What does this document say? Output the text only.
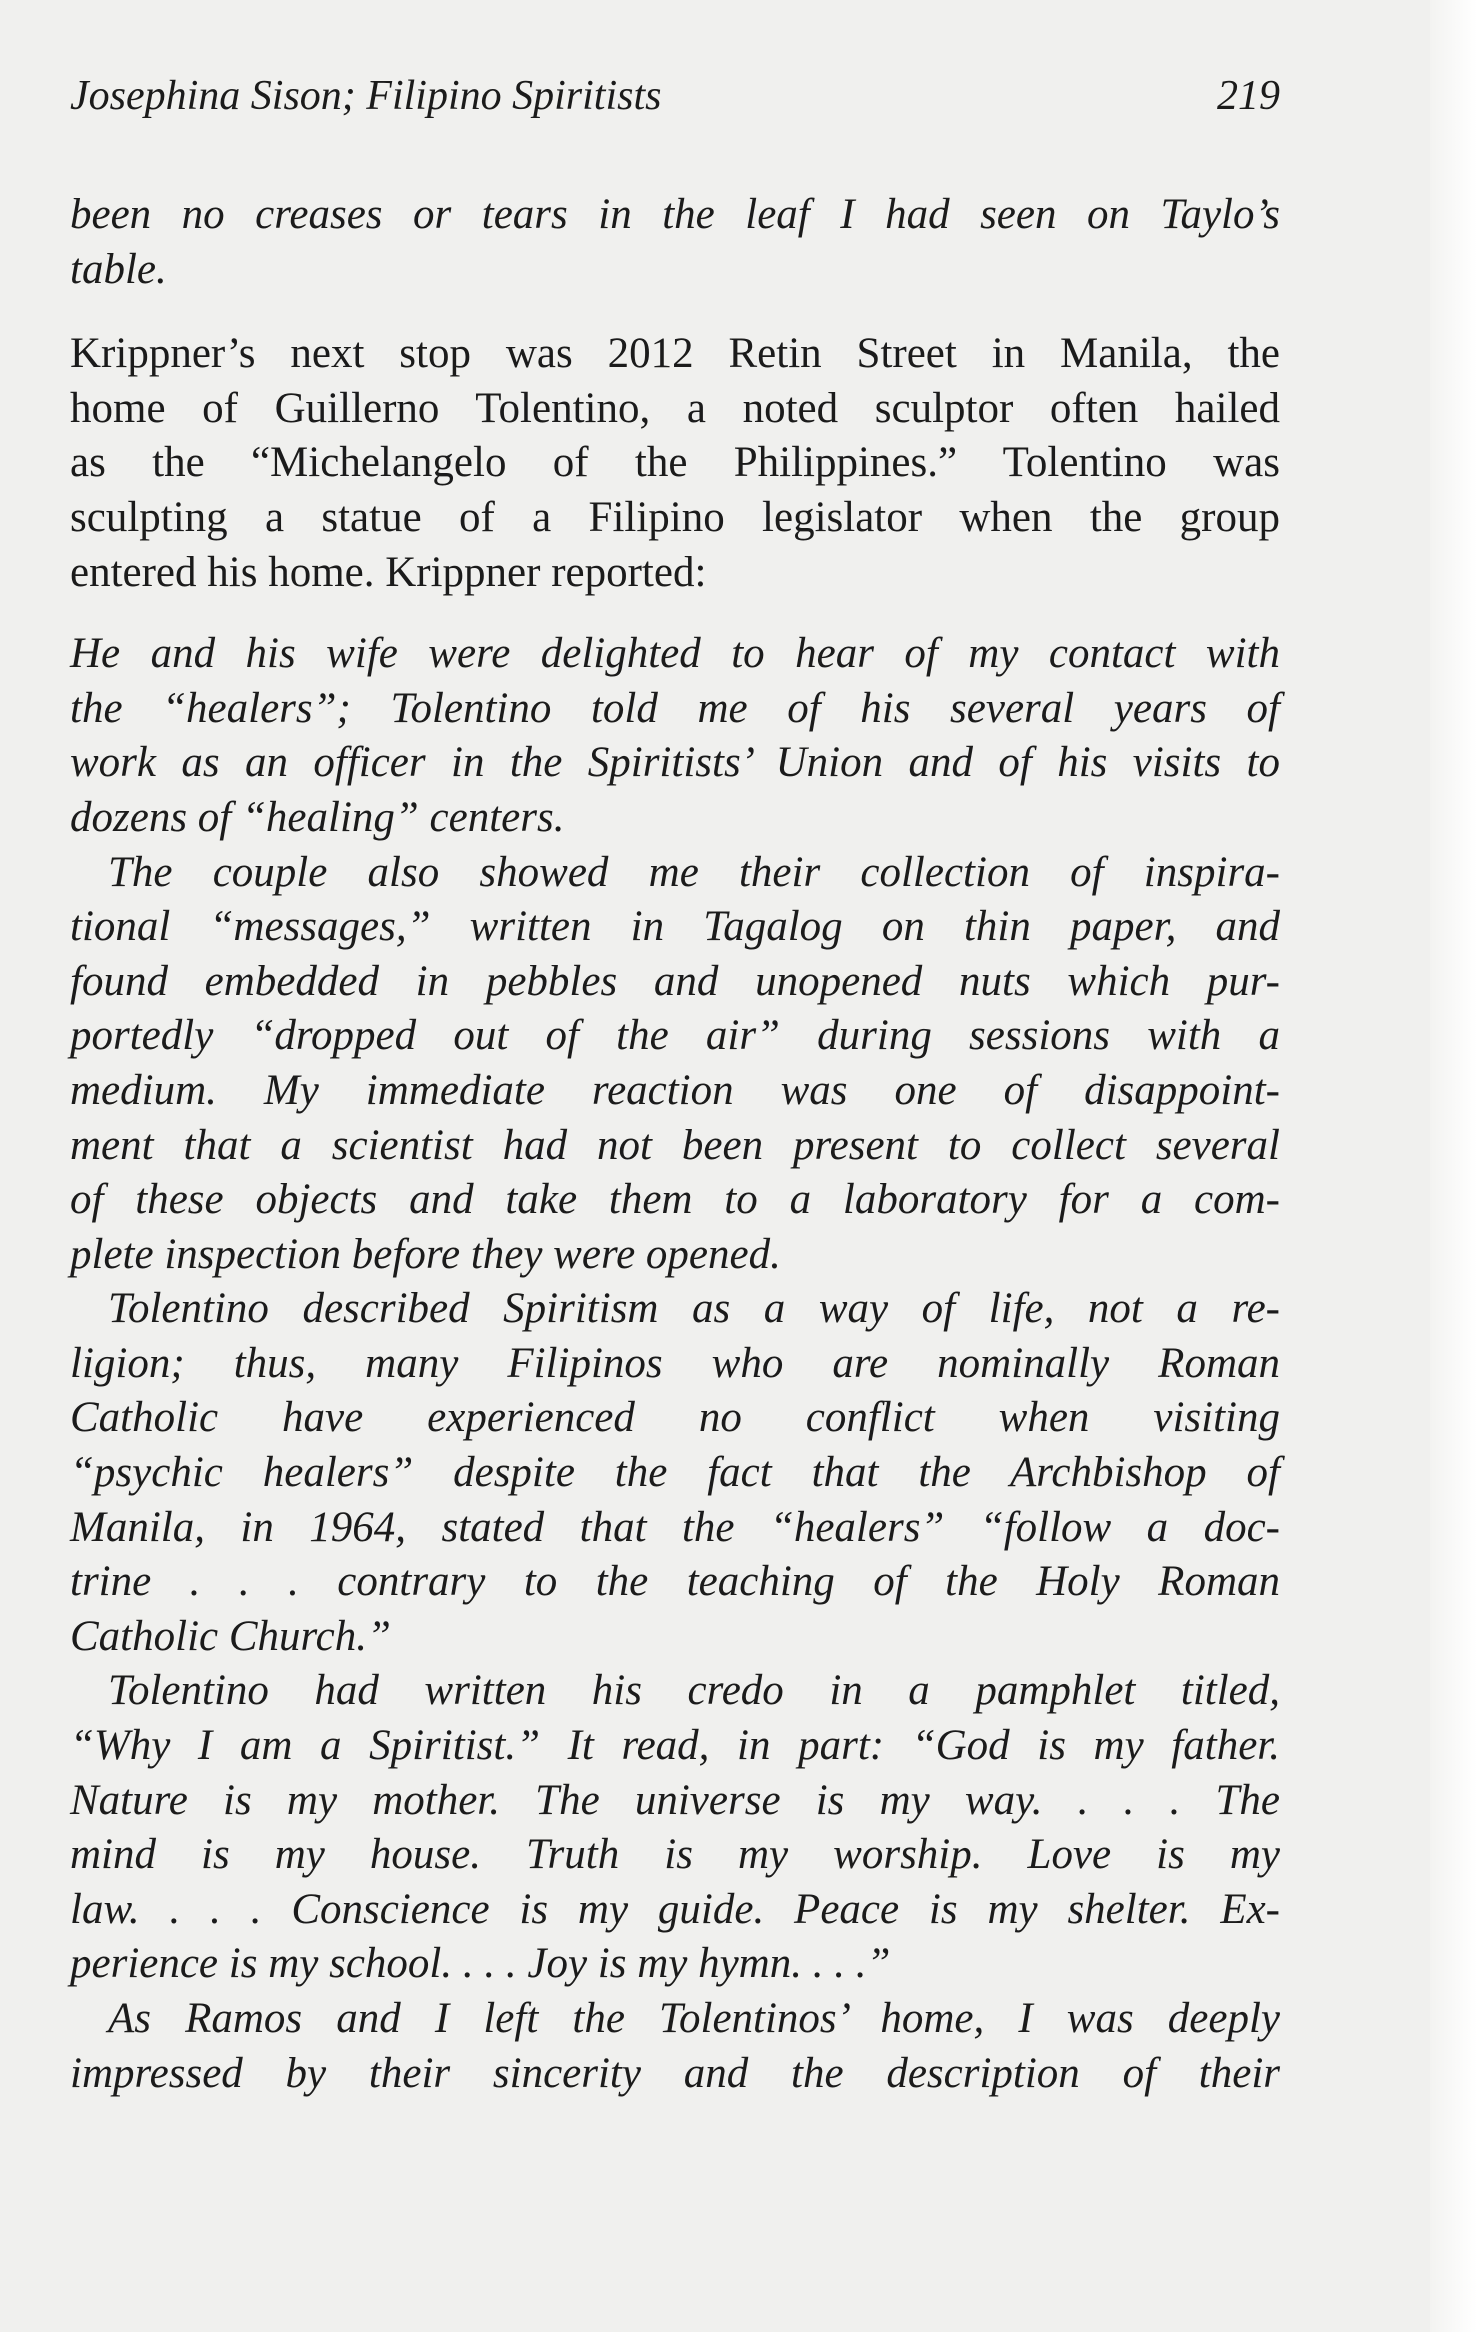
Josephina Sison; Filipino Spiritists	219
been no creases or tears in the leaf I had seen on Taylo’s
table.
Krippner’s next stop was 2012 Retin Street in Manila, the
home of Guillerno Tolentino, a noted sculptor often hailed
as the “Michelangelo of the Philippines.” Tolentino was
sculpting a statue of a Filipino legislator when the group
entered his home. Krippner reported:
He and his wife were delighted to hear of my contact with
the “healers”; Tolentino told me of his several years of
work as an officer in the Spiritists’ Union and of his visits to
dozens of “healing” centers.
The couple also showed me their collection of inspira-
tional “messages,” written in Tagalog on thin paper, and
found embedded in pebbles and unopened nuts which pur-
portedly “dropped out of the air” during sessions with a
medium. My immediate reaction was one of disappoint-
ment that a scientist had not been present to collect several
of these objects and take them to a laboratory for a com-
plete inspection before they were opened.
Tolentino described Spiritism as a way of life, not a re-
ligion; thus, many Filipinos who are nominally Roman
Catholic have experienced no conflict when visiting
“psychic healers” despite the fact that the Archbishop of
Manila, in 1964, stated that the “healers” “follow a doc-
trine . . . contrary to the teaching of the Holy Roman
Catholic Church.”
Tolentino had written his credo in a pamphlet titled,
“Why I am a Spiritist.” It read, in part: “God is my father.
Nature is my mother. The universe is my way. . . . The
mind is my house. Truth is my worship. Love is my
law. . . . Conscience is my guide. Peace is my shelter. Ex-
perience is my school. . . . Joy is my hymn. . . .”
As Ramos and I left the Tolentinos’ home, I was deeply
impressed by their sincerity and the description of their
